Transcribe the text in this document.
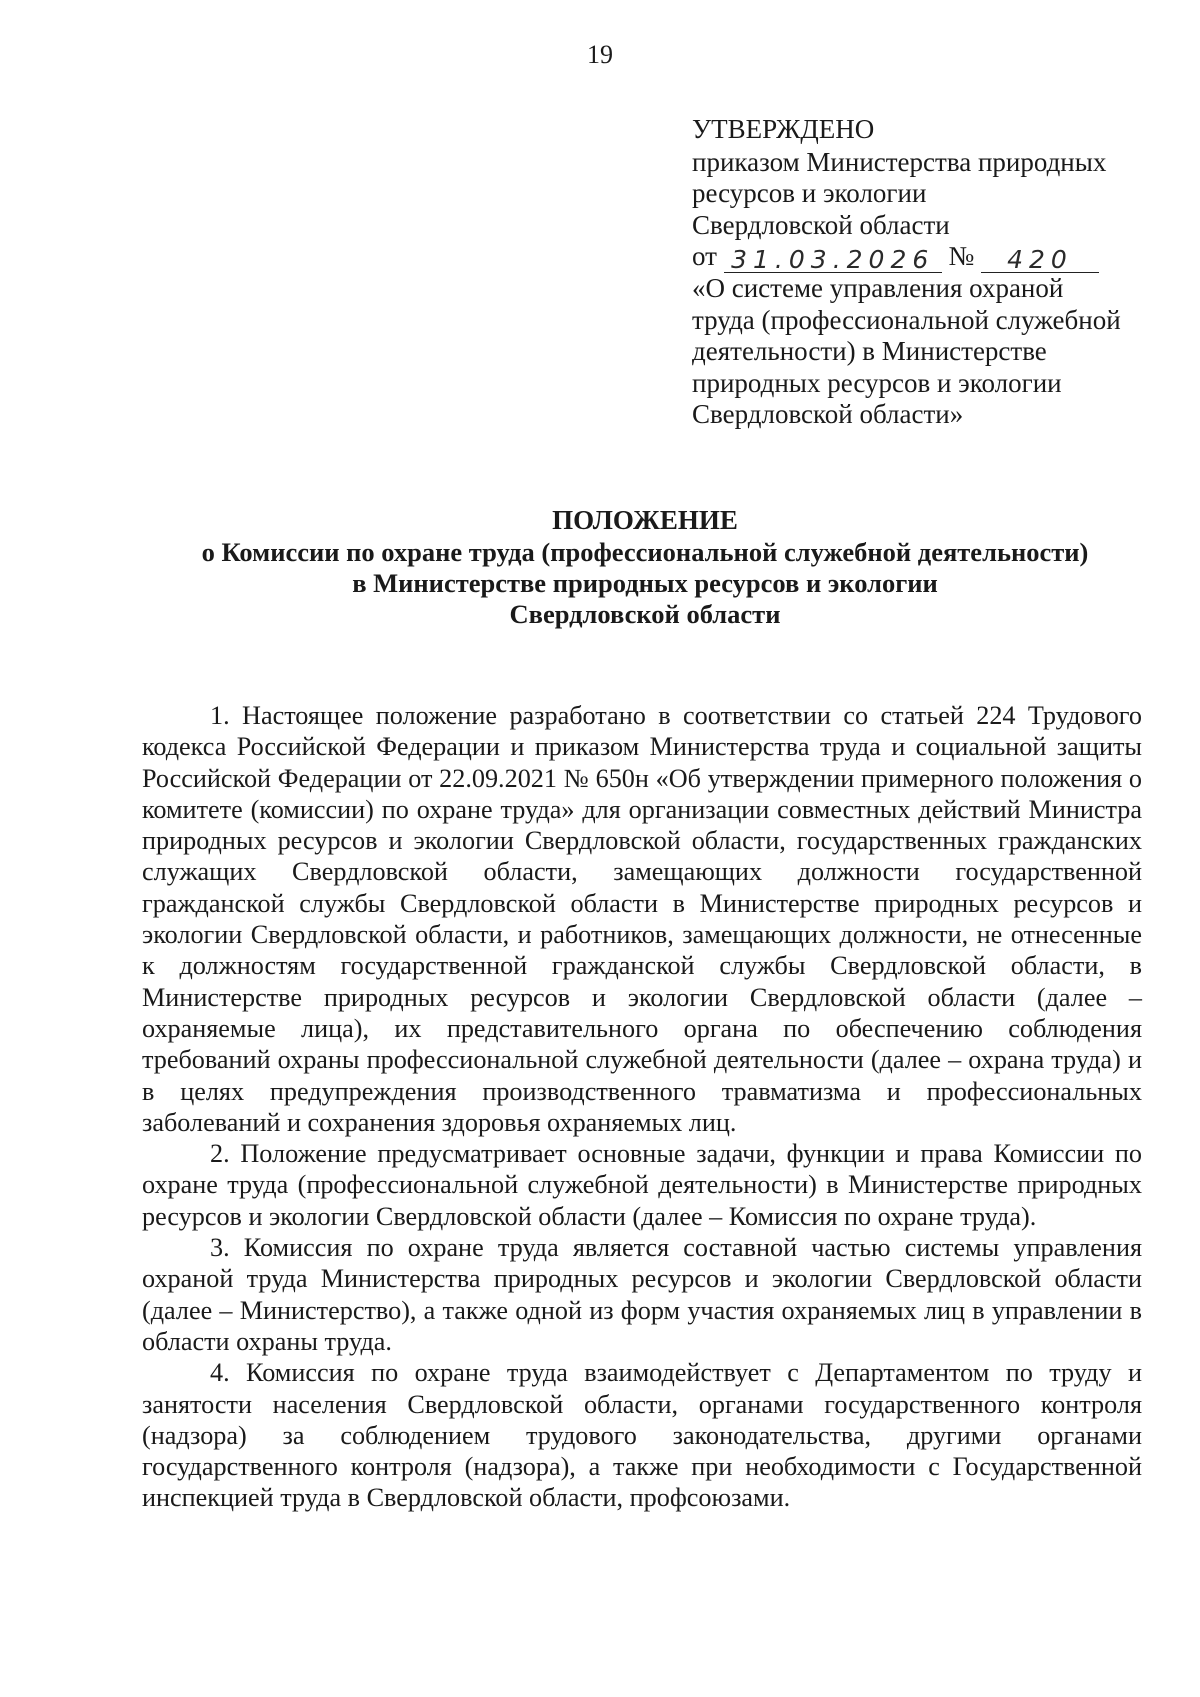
19
УТВЕРЖДЕНО
приказом Министерства природных
ресурсов и экологии
Свердловской области
от 31.03.2026 № 420
«О системе управления охраной
труда (профессиональной служебной
деятельности) в Министерстве
природных ресурсов и экологии
Свердловской области»
ПОЛОЖЕНИЕ
о Комиссии по охране труда (профессиональной служебной деятельности)
в Министерстве природных ресурсов и экологии
Свердловской области

1. Настоящее положение разработано в соответствии со статьей 224 Трудового кодекса Российской Федерации и приказом Министерства труда и социальной защиты Российской Федерации от 22.09.2021 № 650н «Об утверждении примерного положения о комитете (комиссии) по охране труда» для организации совместных действий Министра природных ресурсов и экологии Свердловской области, государственных гражданских служащих Свердловской области, замещающих должности государственной гражданской службы Свердловской области в Министерстве природных ресурсов и экологии Свердловской области, и работников, замещающих должности, не отнесенные к должностям государственной гражданской службы Свердловской области, в Министерстве природных ресурсов и экологии Свердловской области (далее – охраняемые лица), их представительного органа по обеспечению соблюдения требований охраны профессиональной служебной деятельности (далее – охрана труда) и в целях предупреждения производственного травматизма и профессиональных заболеваний и сохранения здоровья охраняемых лиц.

2. Положение предусматривает основные задачи, функции и права Комиссии по охране труда (профессиональной служебной деятельности) в Министерстве природных ресурсов и экологии Свердловской области (далее – Комиссия по охране труда).

3. Комиссия по охране труда является составной частью системы управления охраной труда Министерства природных ресурсов и экологии Свердловской области (далее – Министерство), а также одной из форм участия охраняемых лиц в управлении в области охраны труда.

4. Комиссия по охране труда взаимодействует с Департаментом по труду и занятости населения Свердловской области, органами государственного контроля (надзора) за соблюдением трудового законодательства, другими органами государственного контроля (надзора), а также при необходимости с Государственной инспекцией труда в Свердловской области, профсоюзами.
